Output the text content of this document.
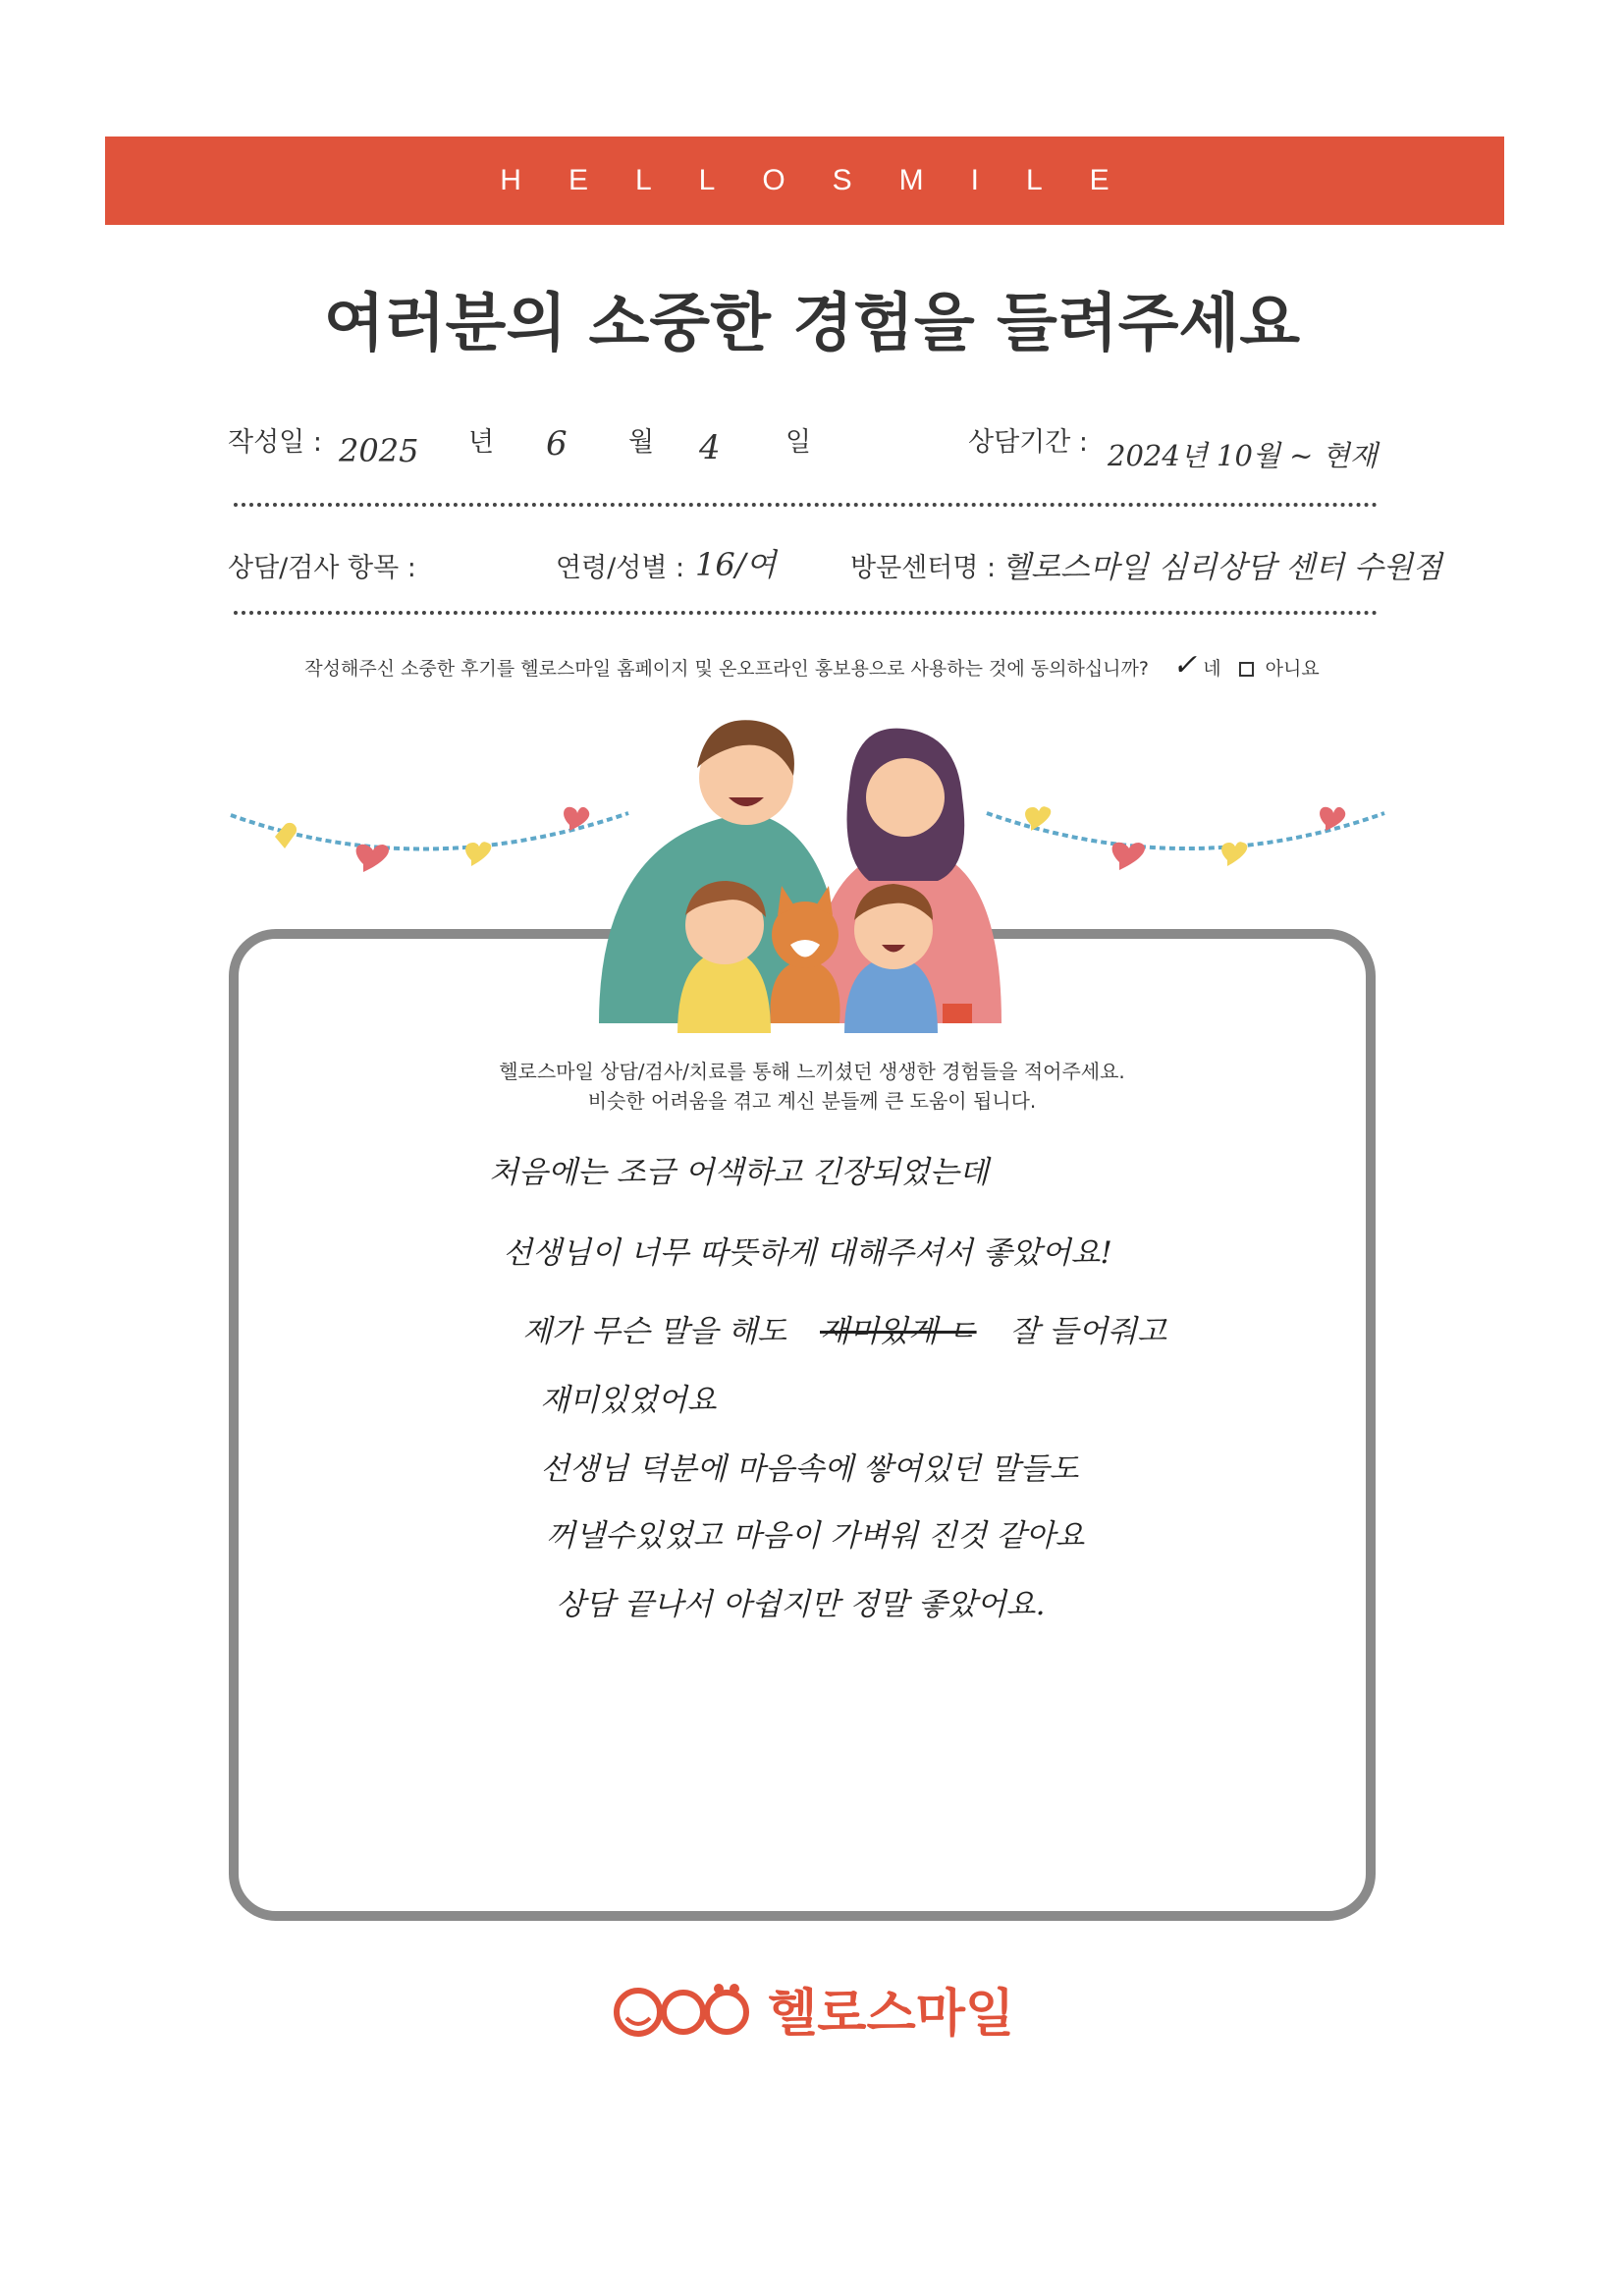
HELLOSMILE
여러분의 소중한 경험을 들려주세요
작성일 : 2025 년 6 월 4 일	상담기간 : 2024년 10월 ~ 현재
상담/검사 항목 :	연령/성별 : 16/여	방문센터명 : 헬로스마일 심리상담 센터 수원점
작성해주신 소중한 후기를 헬로스마일 홈페이지 및 온오프라인 홍보용으로 사용하는 것에 동의하십니까? ✓ 네 아니요
헬로스마일 상담/검사/치료를 통해 느끼셨던 생생한 경험들을 적어주세요.
비슷한 어려움을 겪고 계신 분들께 큰 도움이 됩니다.
처음에는 조금 어색하고 긴장되었는데
선생님이 너무 따뜻하게 대해주셔서 좋았어요!
제가 무슨 말을 해도 재미있게 ㄷ 잘 들어줘고
재미있었어요
선생님 덕분에 마음속에 쌓여있던 말들도
꺼낼수있었고 마음이 가벼워 진것 같아요
상담 끝나서 아쉽지만 정말 좋았어요.
헬로스마일
